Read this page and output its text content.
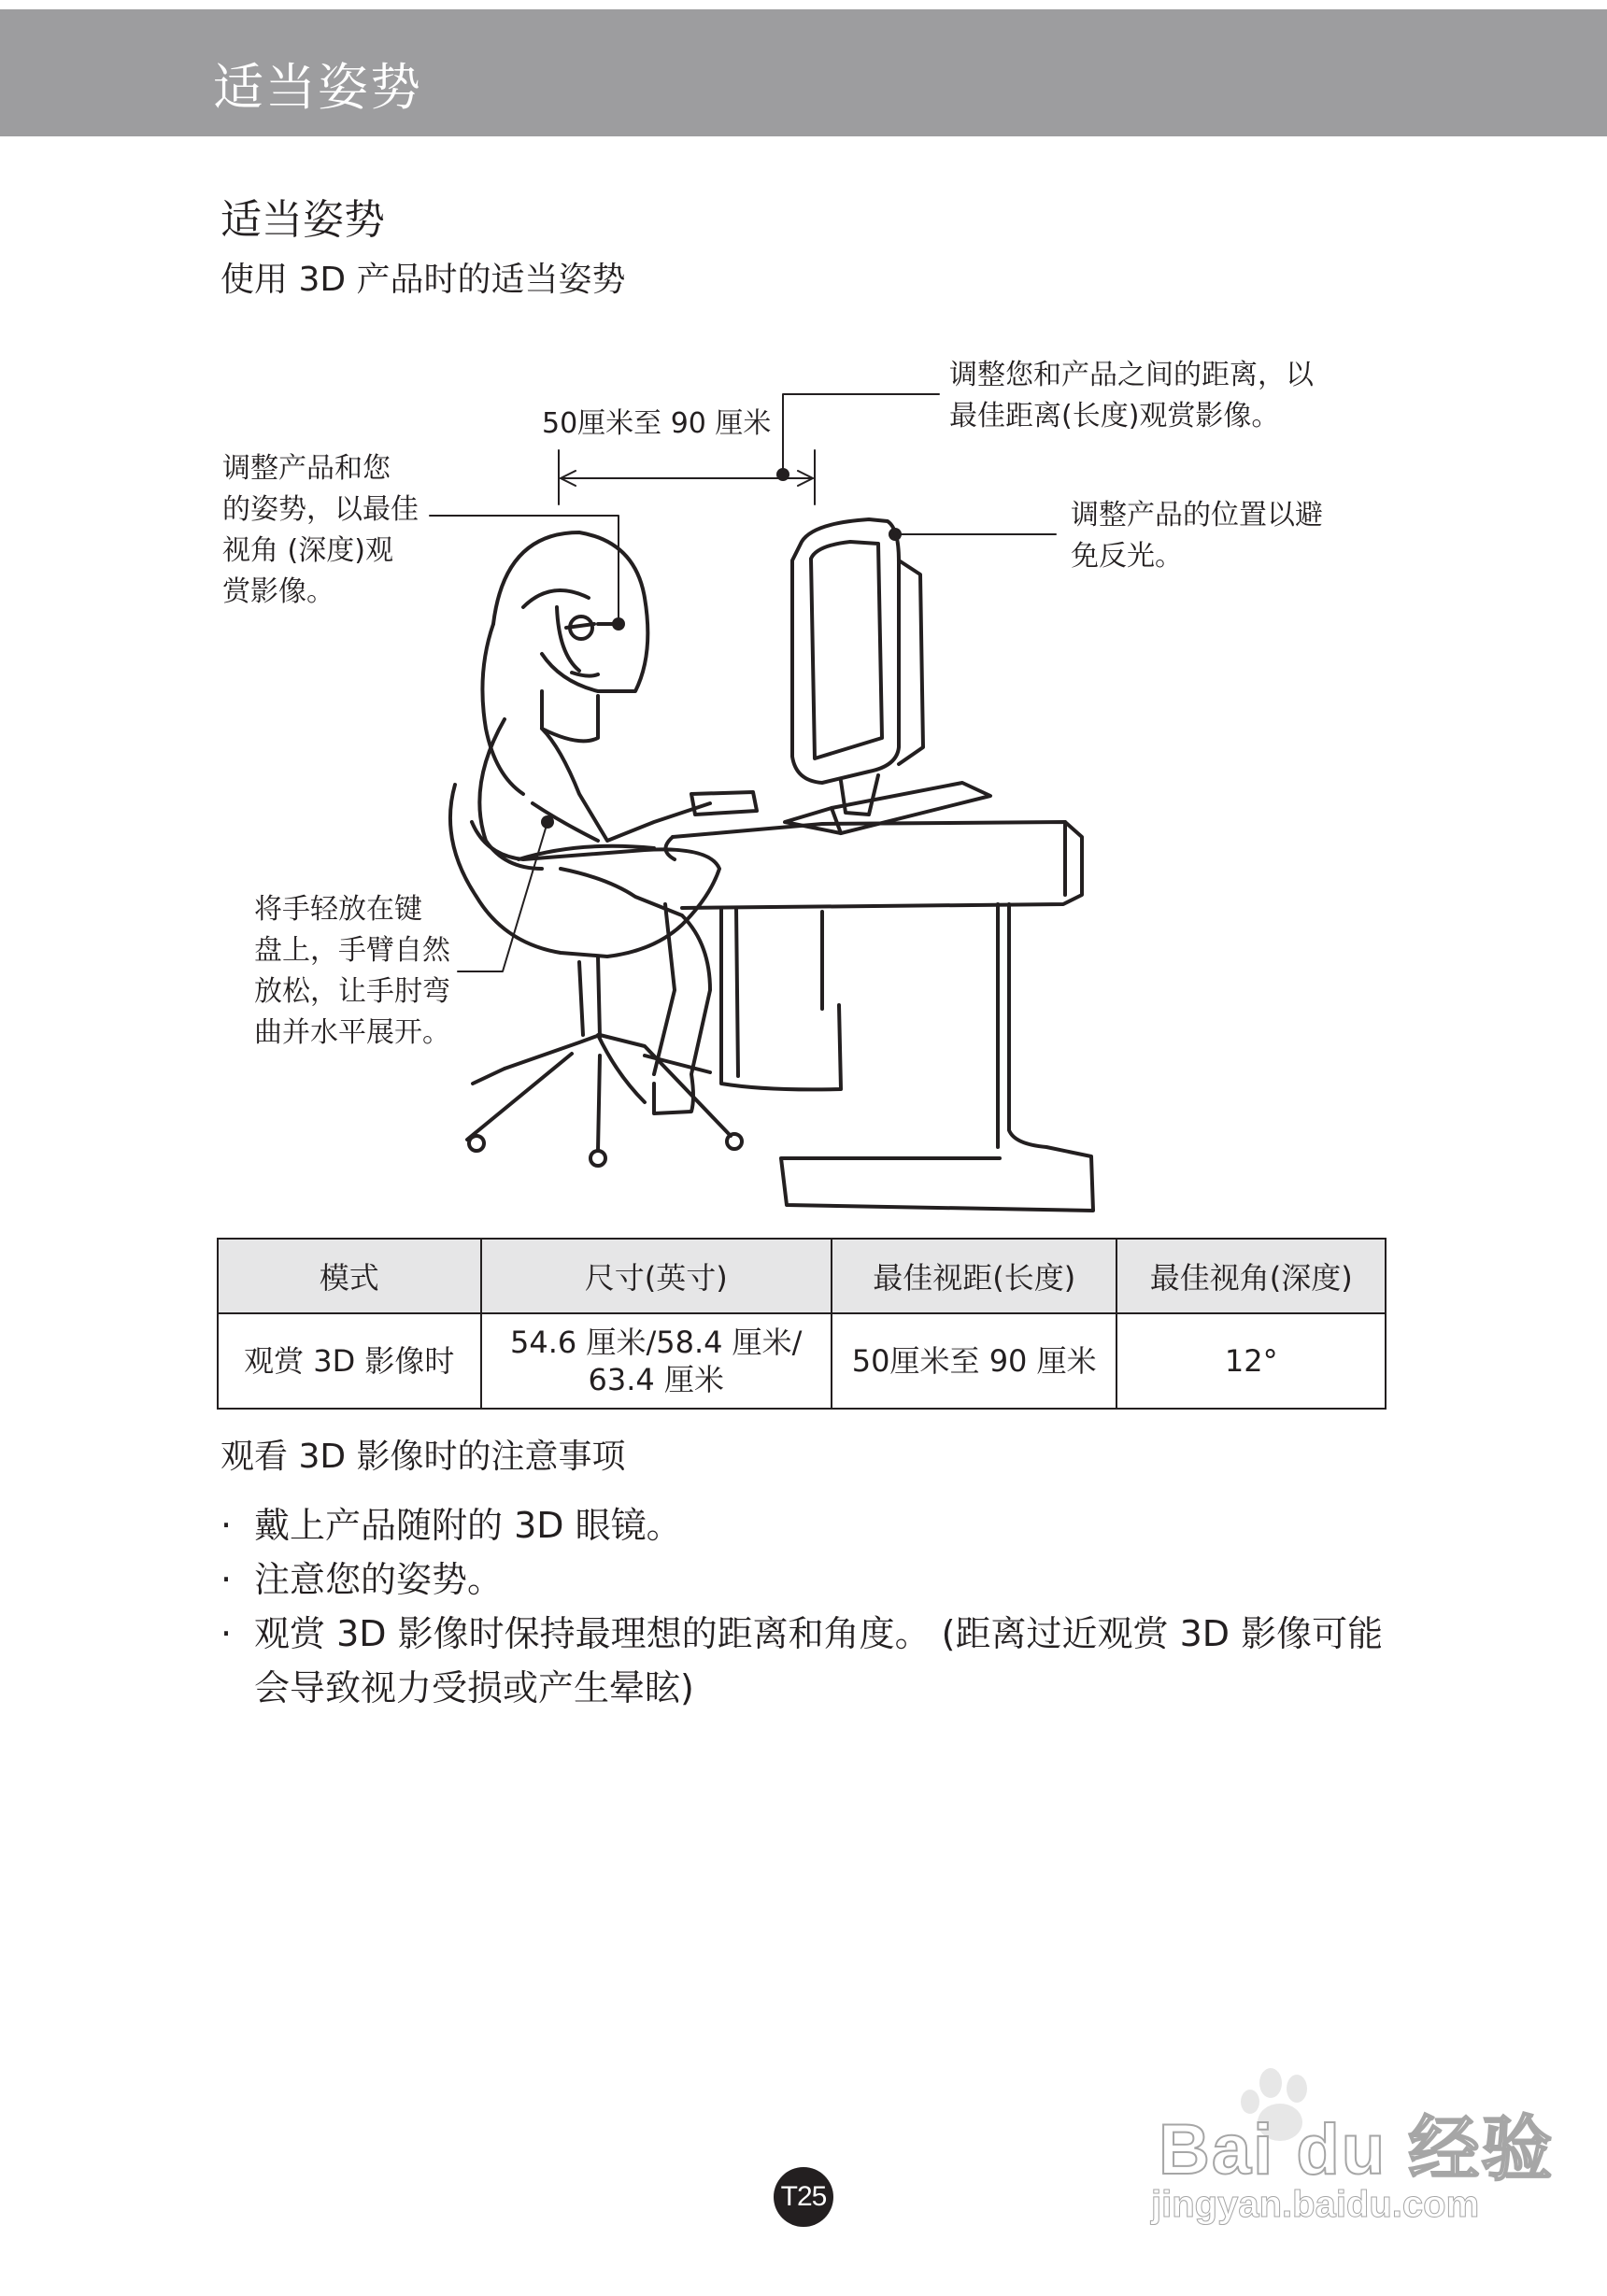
适当姿势
适当姿势
使用 3D 产品时的适当姿势
50厘米至 90 厘米
调整您和产品之间的距离，以
最佳距离(长度)观赏影像。
调整产品和您
的姿势，以最佳
视角 (深度)观
赏影像。
调整产品的位置以避
免反光。
将手轻放在键
盘上，手臂自然
放松，让手肘弯
曲并水平展开。
模式	尺寸(英寸)	最佳视距(长度)	最佳视角(深度)
观赏 3D 影像时	54.6 厘米/58.4 厘米/ 63.4 厘米	50厘米至 90 厘米	12°
观看 3D 影像时的注意事项
· 戴上产品随附的 3D 眼镜。
· 注意您的姿势。
· 观赏 3D 影像时保持最理想的距离和角度。 (距离过近观赏 3D 影像可能会导致视力受损或产生晕眩)
T25
Bai du 经验
jingyan.baidu.com
